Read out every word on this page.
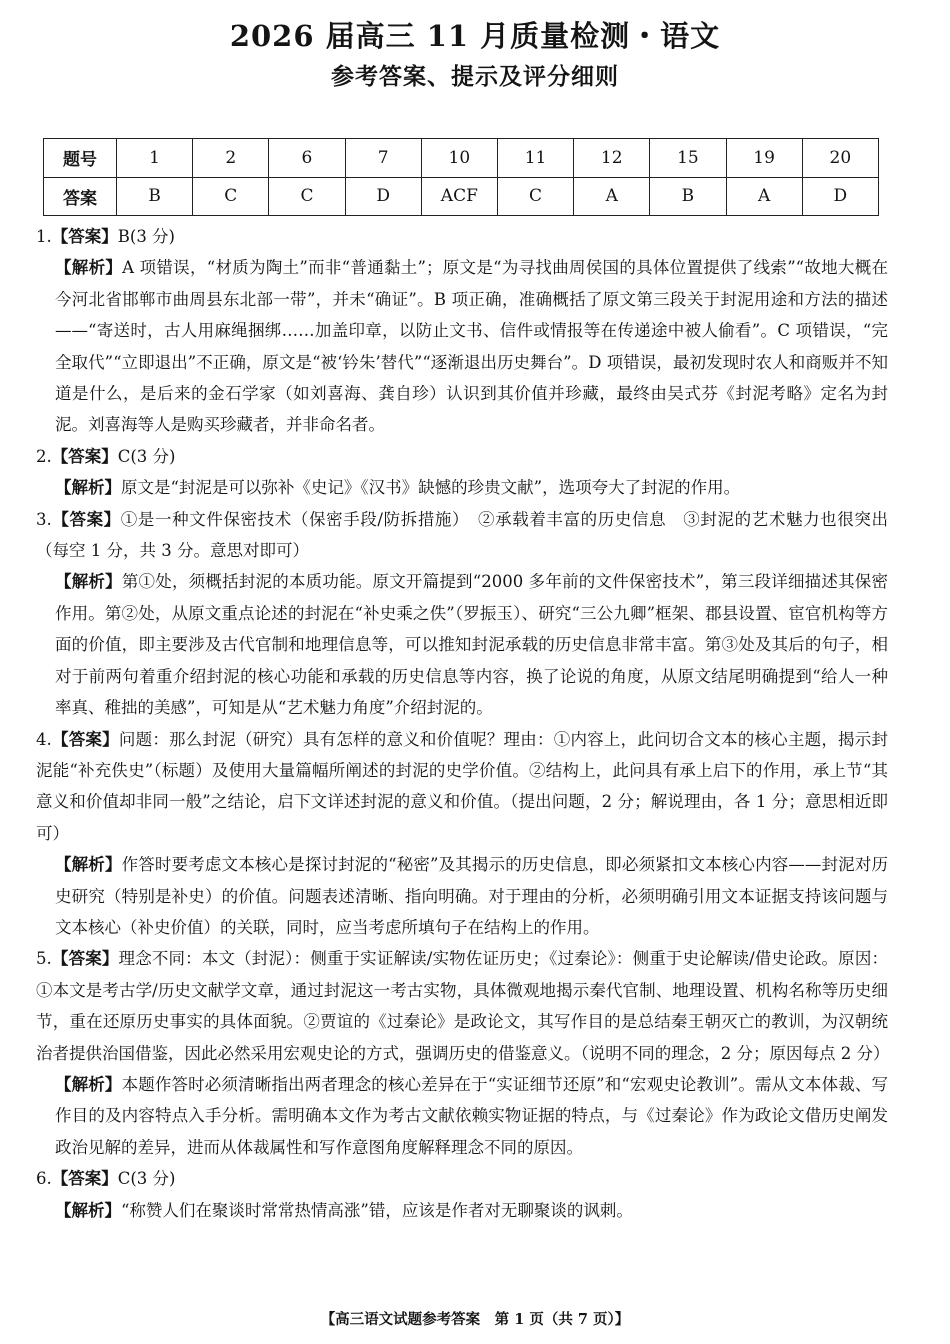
2026 届高三 11 月质量检测・语文
参考答案、提示及评分细则
题号	1	2	6	7	10	11	12	15	19	20
答案	B	C	C	D	ACF	C	A	B	A	D

1.【答案】B(3 分)

【解析】A 项错误，“材质为陶土”而非“普通黏土”；原文是“为寻找曲周侯国的具体位置提供了线索”“故地大概在今河北省邯郸市曲周县东北部一带”，并未“确证”。B 项正确，准确概括了原文第三段关于封泥用途和方法的描述——“寄送时，古人用麻绳捆绑……加盖印章，以防止文书、信件或情报等在传递途中被人偷看”。C 项错误，“完全取代”“立即退出”不正确，原文是“被‘钤朱’替代”“逐渐退出历史舞台”。D 项错误，最初发现时农人和商贩并不知道是什么，是后来的金石学家（如刘喜海、龚自珍）认识到其价值并珍藏，最终由吴式芬《封泥考略》定名为封泥。刘喜海等人是购买珍藏者，并非命名者。

2.【答案】C(3 分)

【解析】原文是“封泥是可以弥补《史记》《汉书》缺憾的珍贵文献”，选项夸大了封泥的作用。

3.【答案】①是一种文件保密技术（保密手段/防拆措施）　②承载着丰富的历史信息　③封泥的艺术魅力也很突出（每空 1 分，共 3 分。意思对即可）

【解析】第①处，须概括封泥的本质功能。原文开篇提到“2000 多年前的文件保密技术”，第三段详细描述其保密作用。第②处，从原文重点论述的封泥在“补史乘之佚”（罗振玉）、研究“三公九卿”框架、郡县设置、宦官机构等方面的价值，即主要涉及古代官制和地理信息等，可以推知封泥承载的历史信息非常丰富。第③处及其后的句子，相对于前两句着重介绍封泥的核心功能和承载的历史信息等内容，换了论说的角度，从原文结尾明确提到“给人一种率真、稚拙的美感”，可知是从“艺术魅力角度”介绍封泥的。

4.【答案】问题：那么封泥（研究）具有怎样的意义和价值呢？理由：①内容上，此问切合文本的核心主题，揭示封泥能“补充佚史”（标题）及使用大量篇幅所阐述的封泥的史学价值。②结构上，此问具有承上启下的作用，承上节“其意义和价值却非同一般”之结论，启下文详述封泥的意义和价值。（提出问题，2 分；解说理由，各 1 分；意思相近即可）

【解析】作答时要考虑文本核心是探讨封泥的“秘密”及其揭示的历史信息，即必须紧扣文本核心内容——封泥对历史研究（特别是补史）的价值。问题表述清晰、指向明确。对于理由的分析，必须明确引用文本证据支持该问题与文本核心（补史价值）的关联，同时，应当考虑所填句子在结构上的作用。

5.【答案】理念不同：本文（封泥）：侧重于实证解读/实物佐证历史；《过秦论》：侧重于史论解读/借史论政。原因：①本文是考古学/历史文献学文章，通过封泥这一考古实物，具体微观地揭示秦代官制、地理设置、机构名称等历史细节，重在还原历史事实的具体面貌。②贾谊的《过秦论》是政论文，其写作目的是总结秦王朝灭亡的教训，为汉朝统治者提供治国借鉴，因此必然采用宏观史论的方式，强调历史的借鉴意义。（说明不同的理念，2 分；原因每点 2 分）

【解析】本题作答时必须清晰指出两者理念的核心差异在于“实证细节还原”和“宏观史论教训”。需从文本体裁、写作目的及内容特点入手分析。需明确本文作为考古文献依赖实物证据的特点，与《过秦论》作为政论文借历史阐发政治见解的差异，进而从体裁属性和写作意图角度解释理念不同的原因。

6.【答案】C(3 分)

【解析】“称赞人们在聚谈时常常热情高涨”错，应该是作者对无聊聚谈的讽刺。

【高三语文试题参考答案　第 1 页（共 7 页）】
